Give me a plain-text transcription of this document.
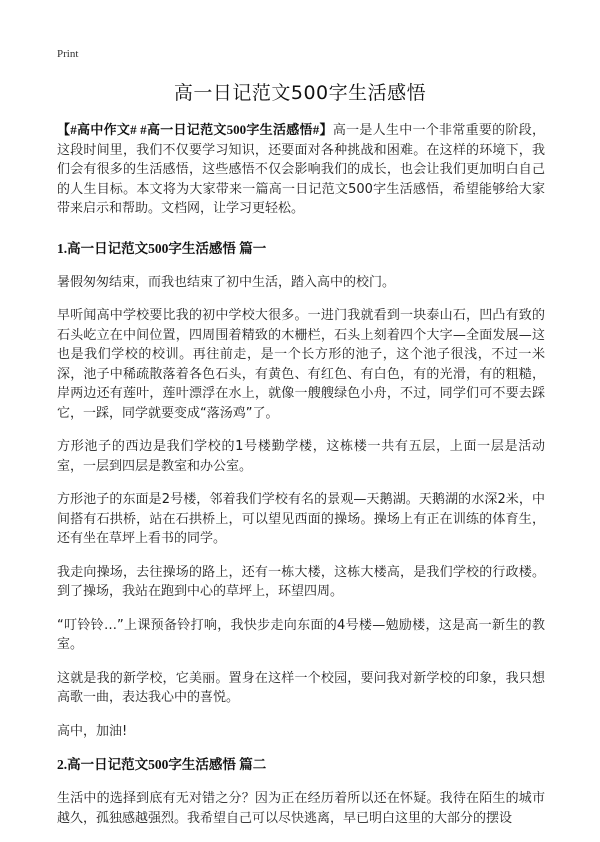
Print
高一日记范文500字生活感悟

【#高中作文# #高一日记范文500字生活感悟#】高一是人生中一个非常重要的阶段，这段时间里，我们不仅要学习知识，还要面对各种挑战和困难。在这样的环境下，我们会有很多的生活感悟，这些感悟不仅会影响我们的成长，也会让我们更加明白自己的人生目标。本文将为大家带来一篇高一日记范文500字生活感悟，希望能够给大家带来启示和帮助。文档网，让学习更轻松。

1.高一日记范文500字生活感悟 篇一

暑假匆匆结束，而我也结束了初中生活，踏入高中的校门。

早听闻高中学校要比我的初中学校大很多。一进门我就看到一块泰山石，凹凸有致的石头屹立在中间位置，四周围着精致的木栅栏，石头上刻着四个大字—全面发展—这也是我们学校的校训。再往前走，是一个长方形的池子，这个池子很浅，不过一米深，池子中稀疏散落着各色石头，有黄色、有红色、有白色，有的光滑，有的粗糙，岸两边还有莲叶，莲叶漂浮在水上，就像一艘艘绿色小舟，不过，同学们可不要去踩它，一踩，同学就要变成“落汤鸡”了。

方形池子的西边是我们学校的1号楼勤学楼，这栋楼一共有五层，上面一层是活动室，一层到四层是教室和办公室。

方形池子的东面是2号楼，邻着我们学校有名的景观—天鹅湖。天鹅湖的水深2米，中间搭有石拱桥，站在石拱桥上，可以望见西面的操场。操场上有正在训练的体育生，还有坐在草坪上看书的同学。

我走向操场，去往操场的路上，还有一栋大楼，这栋大楼高，是我们学校的行政楼。到了操场，我站在跑到中心的草坪上，环望四周。

“叮铃铃…”上课预备铃打响，我快步走向东面的4号楼—勉励楼，这是高一新生的教室。

这就是我的新学校，它美丽。置身在这样一个校园，要问我对新学校的印象，我只想高歌一曲，表达我心中的喜悦。

高中，加油!

2.高一日记范文500字生活感悟 篇二

生活中的选择到底有无对错之分？因为正在经历着所以还在怀疑。我待在陌生的城市越久，孤独感越强烈。我希望自己可以尽快逃离，早已明白这里的大部分的摆设
